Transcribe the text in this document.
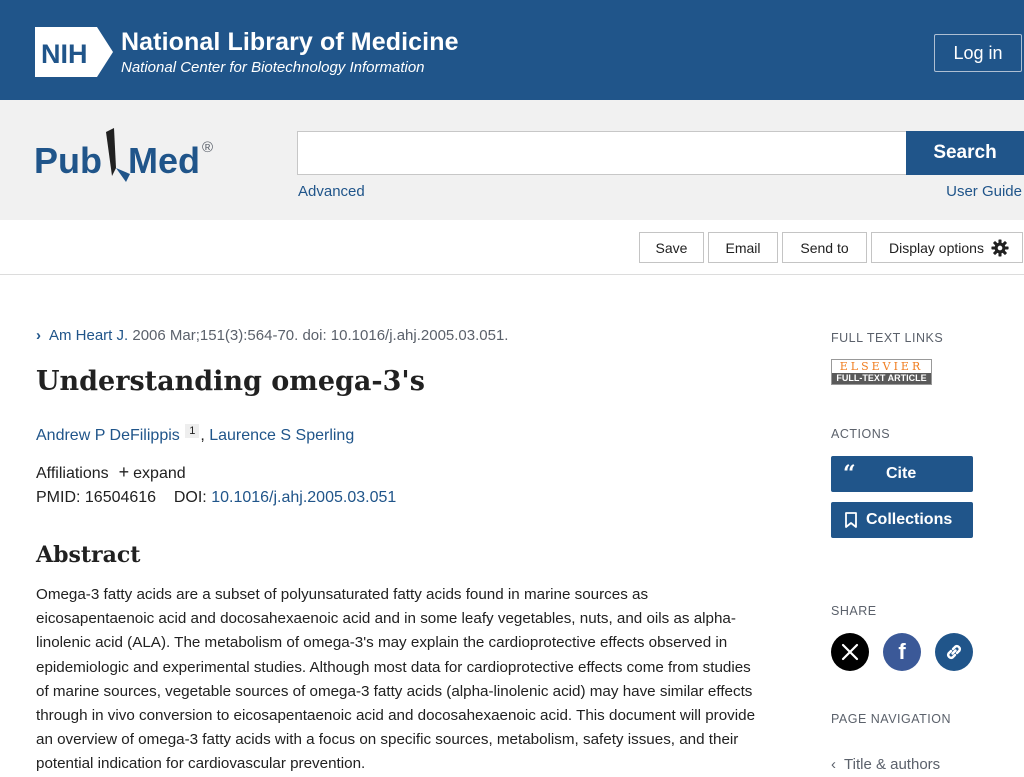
NIH National Library of Medicine
National Center for Biotechnology Information
Log in
Pub Med ®	Search
Advanced	User Guide
Save	Email	Send to	Display options
› Am Heart J. 2006 Mar;151(3):564-70. doi: 10.1016/j.ahj.2005.03.051.
Understanding omega-3's
Andrew P DeFilippis $^1$ , Laurence S Sperling
Affiliations + expand
PMID: 16504616 DOI: 10.1016/j.ahj.2005.03.051
Abstract
Omega-3 fatty acids are a subset of polyunsaturated fatty acids found in marine sources as eicosapentaenoic acid and docosahexaenoic acid and in some leafy vegetables, nuts, and oils as alpha-linolenic acid (ALA). The metabolism of omega-3's may explain the cardioprotective effects observed in epidemiologic and experimental studies. Although most data for cardioprotective effects come from studies of marine sources, vegetable sources of omega-3 fatty acids (alpha-linolenic acid) may have similar effects through in vivo conversion to eicosapentaenoic acid and docosahexaenoic acid. This document will provide an overview of omega-3 fatty acids with a focus on specific sources, metabolism, safety issues, and their potential indication for cardiovascular prevention.
FULL TEXT LINKS
ELSEVIER
FULL-TEXT ARTICLE
ACTIONS
“	Cite
Collections
SHARE
f
PAGE NAVIGATION
‹ Title & authors
